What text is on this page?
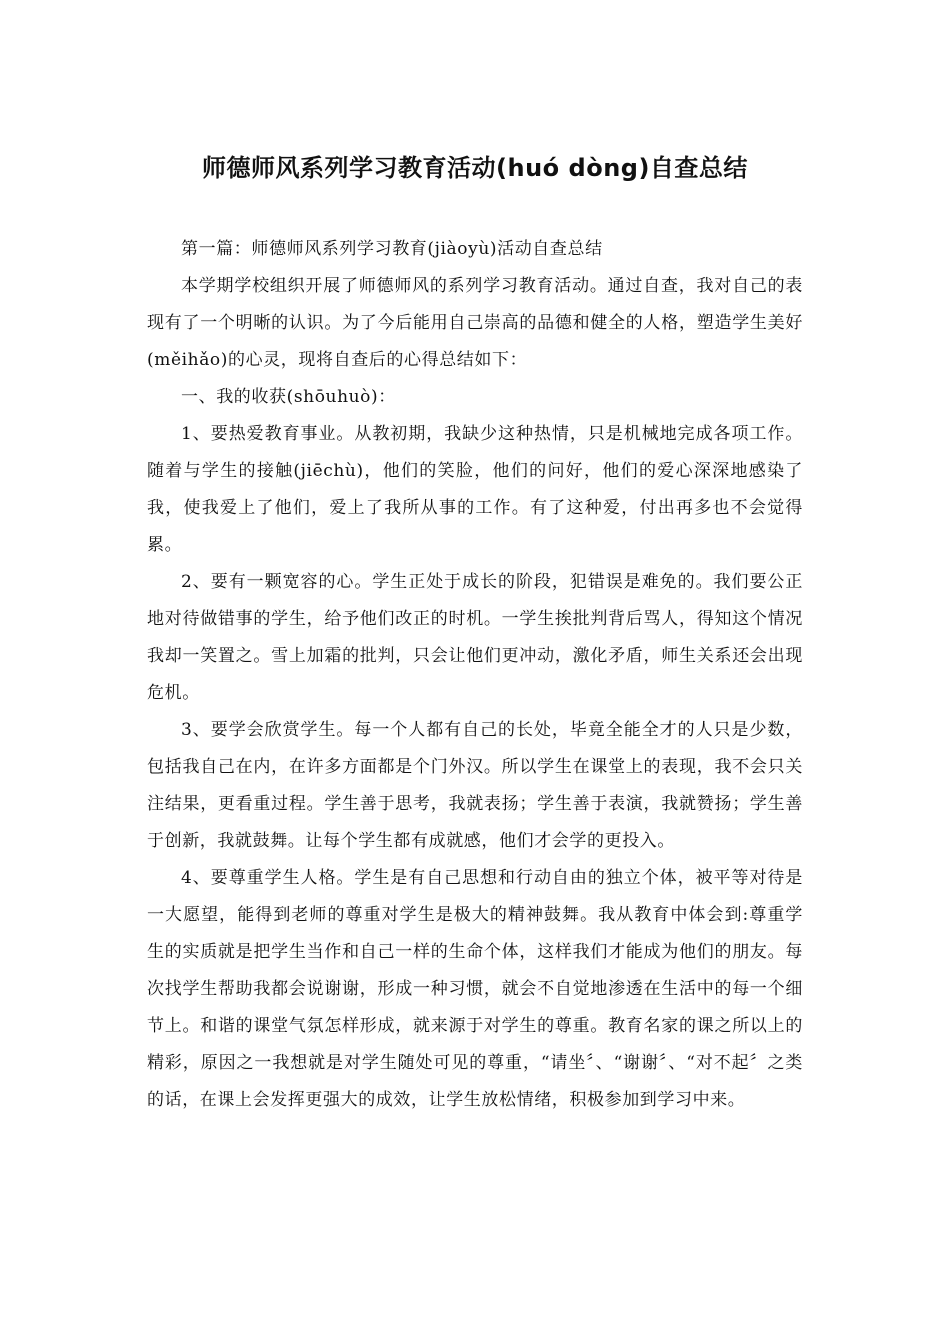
师德师风系列学习教育活动(huó dòng)自查总结

第一篇：师德师风系列学习教育(jiàoyù)活动自查总结

本学期学校组织开展了师德师风的系列学习教育活动。通过自查，我对自己的表现有了一个明晰的认识。为了今后能用自己崇高的品德和健全的人格，塑造学生美好(měihǎo)的心灵，现将自查后的心得总结如下：

一、我的收获(shōuhuò)：

1、要热爱教育事业。从教初期，我缺少这种热情，只是机械地完成各项工作。随着与学生的接触(jiēchù)，他们的笑脸，他们的问好，他们的爱心深深地感染了我，使我爱上了他们，爱上了我所从事的工作。有了这种爱，付出再多也不会觉得累。

2、要有一颗宽容的心。学生正处于成长的阶段，犯错误是难免的。我们要公正地对待做错事的学生，给予他们改正的时机。一学生挨批判背后骂人，得知这个情况我却一笑置之。雪上加霜的批判，只会让他们更冲动，激化矛盾，师生关系还会出现危机。

3、要学会欣赏学生。每一个人都有自己的长处，毕竟全能全才的人只是少数，包括我自己在内，在许多方面都是个门外汉。所以学生在课堂上的表现，我不会只关注结果，更看重过程。学生善于思考，我就表扬；学生善于表演，我就赞扬；学生善于创新，我就鼓舞。让每个学生都有成就感，他们才会学的更投入。

4、要尊重学生人格。学生是有自己思想和行动自由的独立个体，被平等对待是一大愿望，能得到老师的尊重对学生是极大的精神鼓舞。我从教育中体会到:尊重学生的实质就是把学生当作和自己一样的生命个体，这样我们才能成为他们的朋友。每次找学生帮助我都会说谢谢，形成一种习惯，就会不自觉地渗透在生活中的每一个细节上。和谐的课堂气氛怎样形成，就来源于对学生的尊重。教育名家的课之所以上的精彩，原因之一我想就是对学生随处可见的尊重，“请坐〞、“谢谢〞、“对不起〞之类的话，在课上会发挥更强大的成效，让学生放松情绪，积极参加到学习中来。
